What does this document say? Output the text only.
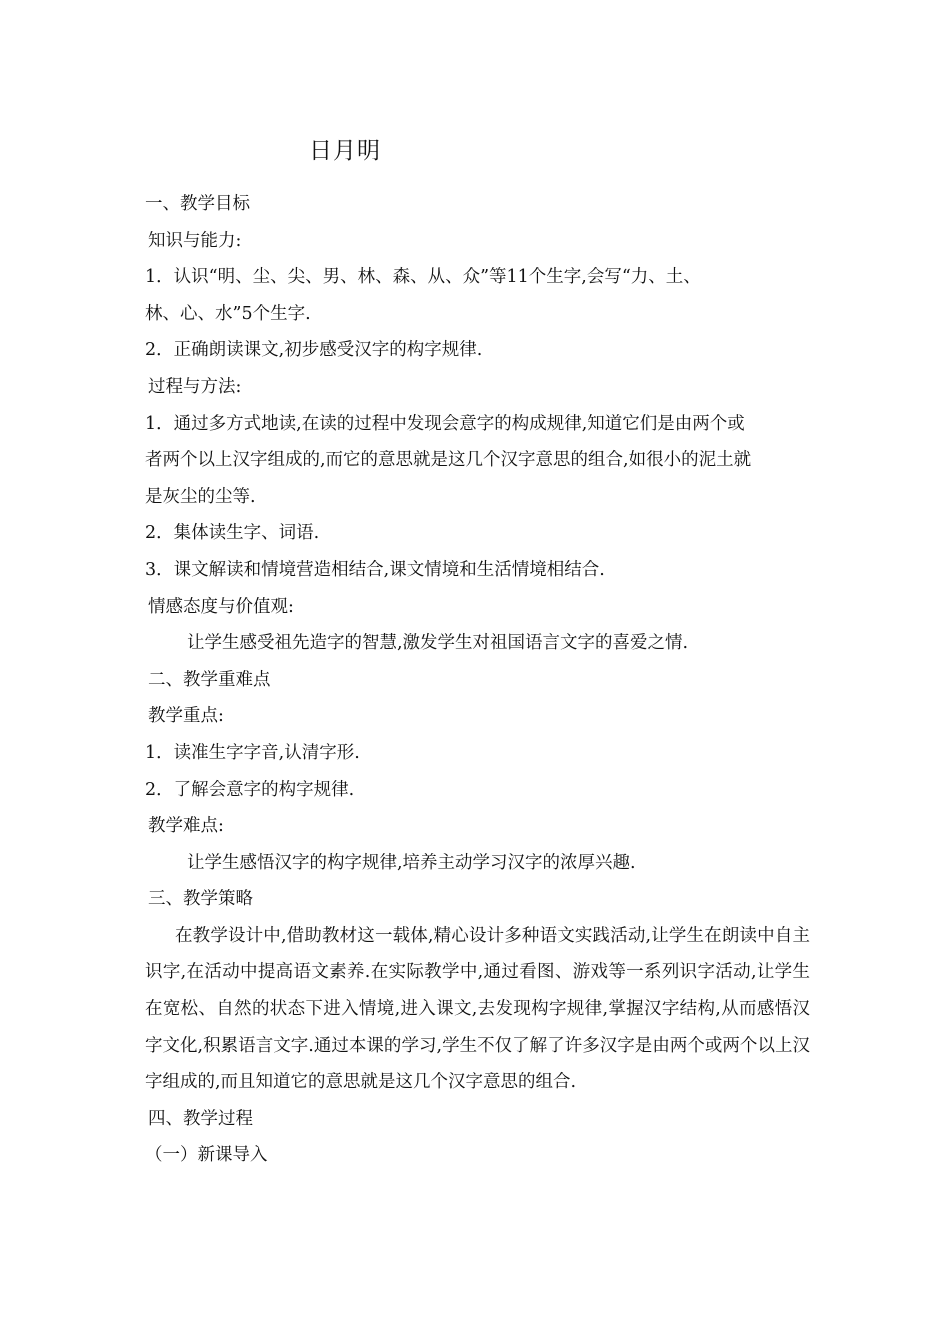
日月明
一、教学目标
知识与能力:
1．认识“明、尘、尖、男、林、森、从、众”等11个生字,会写“力、土、
林、心、水”5个生字.
2．正确朗读课文,初步感受汉字的构字规律.
过程与方法:
1．通过多方式地读,在读的过程中发现会意字的构成规律,知道它们是由两个或
者两个以上汉字组成的,而它的意思就是这几个汉字意思的组合,如很小的泥土就
是灰尘的尘等.
2．集体读生字、词语.
3．课文解读和情境营造相结合,课文情境和生活情境相结合.
情感态度与价值观:
让学生感受祖先造字的智慧,激发学生对祖国语言文字的喜爱之情.
二、教学重难点
教学重点:
1．读准生字字音,认清字形.
2．了解会意字的构字规律.
教学难点:
让学生感悟汉字的构字规律,培养主动学习汉字的浓厚兴趣.
三、教学策略
在教学设计中,借助教材这一载体,精心设计多种语文实践活动,让学生在朗读中自主识字,在活动中提高语文素养.在实际教学中,通过看图、游戏等一系列识字活动,让学生在宽松、自然的状态下进入情境,进入课文,去发现构字规律,掌握汉字结构,从而感悟汉字文化,积累语言文字.通过本课的学习,学生不仅了解了许多汉字是由两个或两个以上汉字组成的,而且知道它的意思就是这几个汉字意思的组合.
四、教学过程
（一）新课导入
